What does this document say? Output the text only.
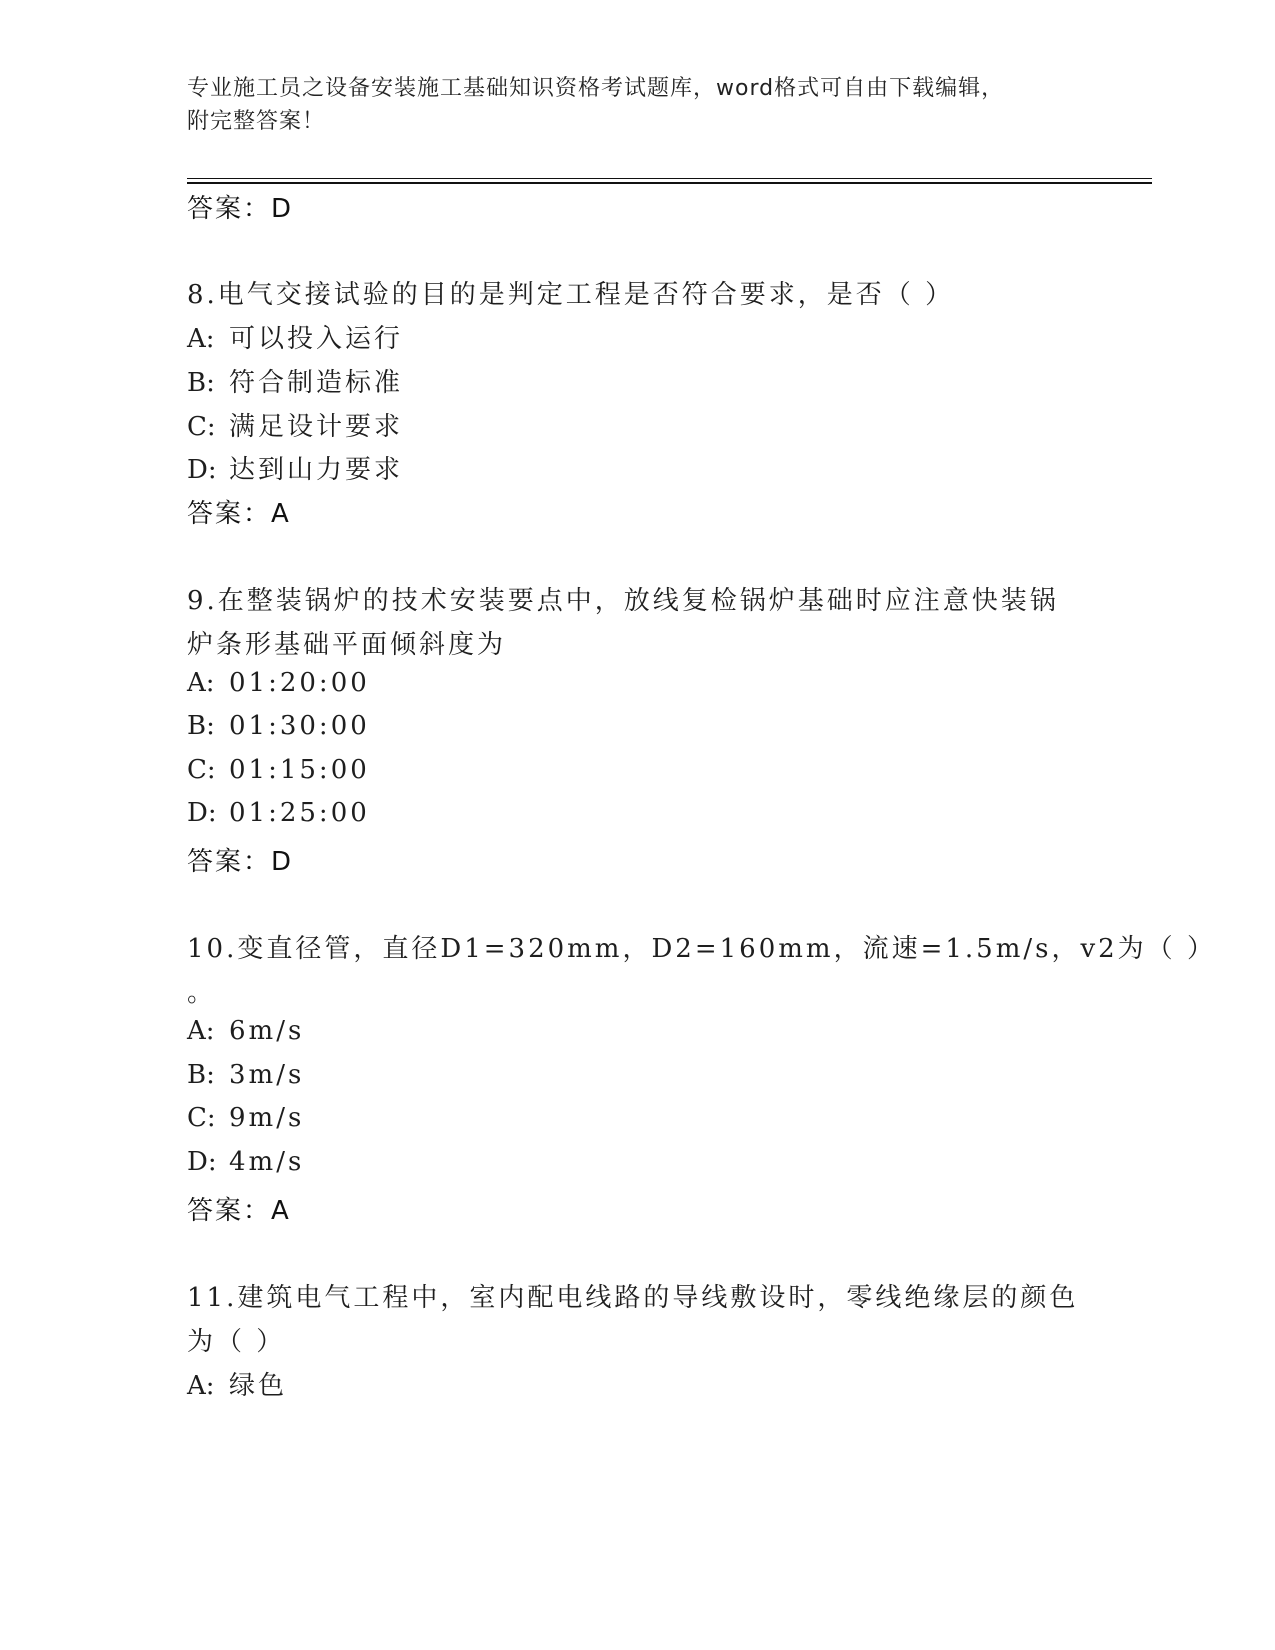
专业施工员之设备安装施工基础知识资格考试题库，word格式可自由下载编辑，
附完整答案！
答案：D
8.电气交接试验的目的是判定工程是否符合要求，是否（ ）
A: 可以投入运行
B: 符合制造标准
C: 满足设计要求
D: 达到山力要求
答案：A
9.在整装锅炉的技术安装要点中，放线复检锅炉基础时应注意快装锅
炉条形基础平面倾斜度为
A: 01:20:00
B: 01:30:00
C: 01:15:00
D: 01:25:00
答案：D
10.变直径管，直径D1=320mm，D2=160mm，流速=1.5m/s，v2为（ ）
。
A: 6m/s
B: 3m/s
C: 9m/s
D: 4m/s
答案：A
11.建筑电气工程中，室内配电线路的导线敷设时，零线绝缘层的颜色
为（ ）
A: 绿色
